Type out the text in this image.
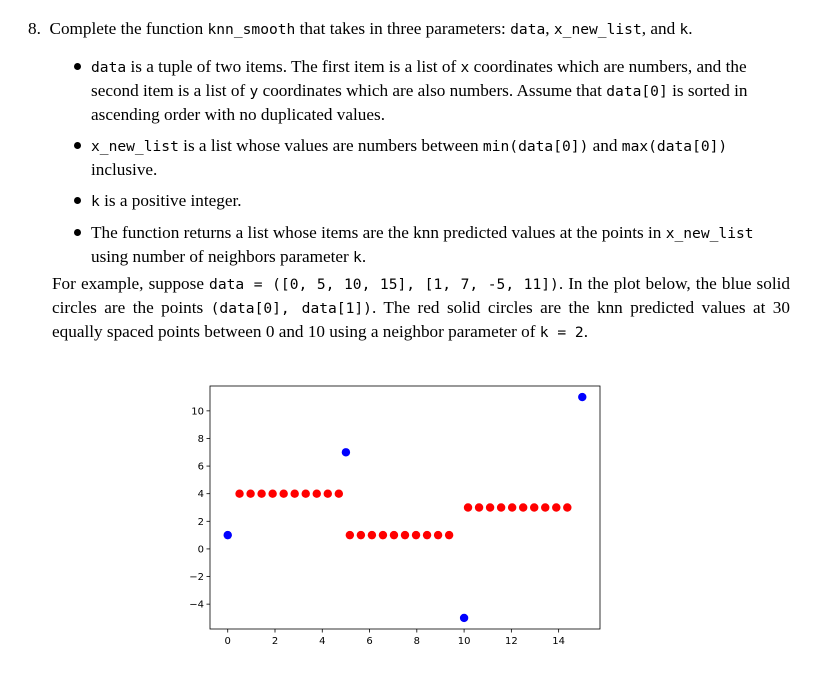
8. Complete the function knn_smooth that takes in three parameters: data, x_new_list, and k.

data is a tuple of two items. The first item is a list of x coordinates which are numbers, and the second item is a list of y coordinates which are also numbers. Assume that data[0] is sorted in ascending order with no duplicated values.
x_new_list is a list whose values are numbers between min(data[0]) and max(data[0]) inclusive.
k is a positive integer.
The function returns a list whose items are the knn predicted values at the points in x_new_list using number of neighbors parameter k.

For example, suppose data = ([0, 5, 10, 15], [1, 7, -5, 11]). In the plot below, the blue solid circles are the points (data[0], data[1]). The red solid circles are the knn predicted values at 30 equally spaced points between 0 and 10 using a neighbor parameter of k = 2.

0	2	4	6	8	10	12	14
−4
−2
0
2
4
6
8
10
